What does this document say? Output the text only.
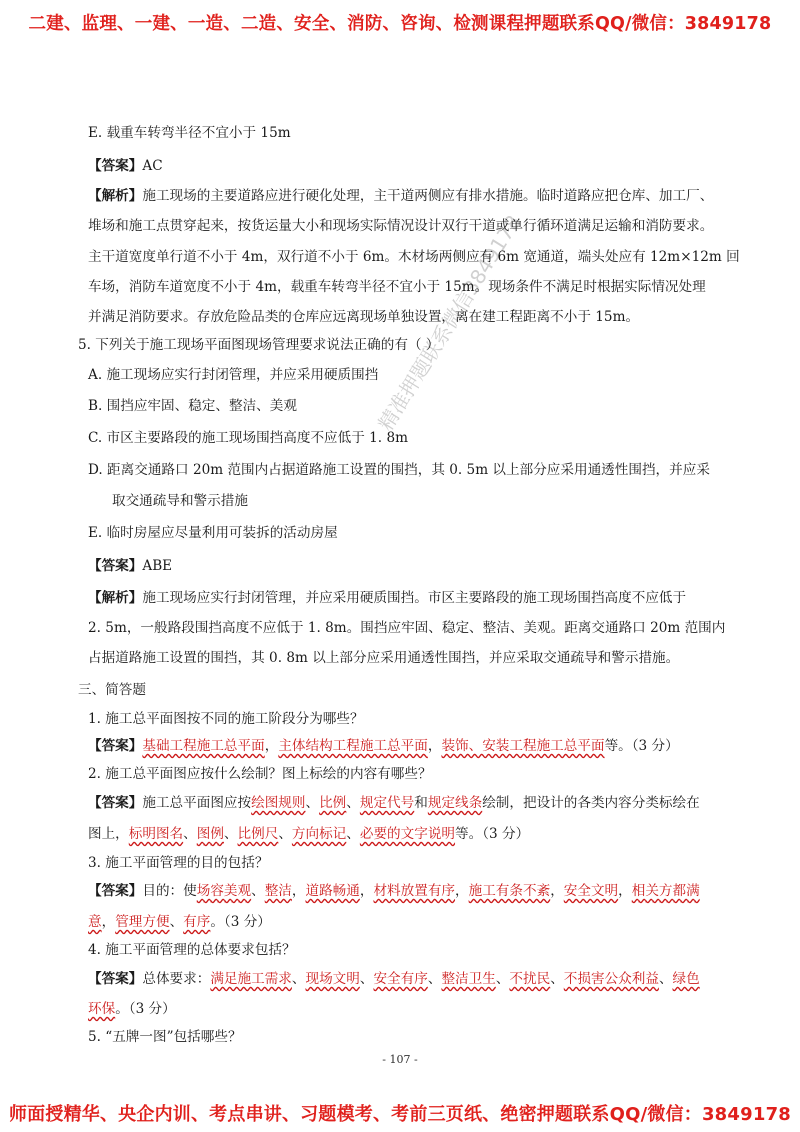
二建、监理、一建、一造、二造、安全、消防、咨询、检测课程押题联系QQ/微信：3849178
精准押题联系微信3849178
E. 载重车转弯半径不宜小于 15m
【答案】AC
【解析】施工现场的主要道路应进行硬化处理，主干道两侧应有排水措施。临时道路应把仓库、加工厂、
堆场和施工点贯穿起来，按货运量大小和现场实际情况设计双行干道或单行循环道满足运输和消防要求。
主干道宽度单行道不小于 4m，双行道不小于 6m。木材场两侧应有 6m 宽通道，端头处应有 12m×12m 回
车场，消防车道宽度不小于 4m，载重车转弯半径不宜小于 15m。现场条件不满足时根据实际情况处理
并满足消防要求。存放危险品类的仓库应远离现场单独设置，离在建工程距离不小于 15m。
5. 下列关于施工现场平面图现场管理要求说法正确的有（ ）
A. 施工现场应实行封闭管理，并应采用硬质围挡
B. 围挡应牢固、稳定、整洁、美观
C. 市区主要路段的施工现场围挡高度不应低于 1. 8m
D. 距离交通路口 20m 范围内占据道路施工设置的围挡，其 0. 5m 以上部分应采用通透性围挡，并应采
取交通疏导和警示措施
E. 临时房屋应尽量利用可装拆的活动房屋
【答案】ABE
【解析】施工现场应实行封闭管理，并应采用硬质围挡。市区主要路段的施工现场围挡高度不应低于
2. 5m，一般路段围挡高度不应低于 1. 8m。围挡应牢固、稳定、整洁、美观。距离交通路口 20m 范围内
占据道路施工设置的围挡，其 0. 8m 以上部分应采用通透性围挡，并应采取交通疏导和警示措施。
三、简答题
1. 施工总平面图按不同的施工阶段分为哪些？
【答案】基础工程施工总平面，主体结构工程施工总平面，装饰、安装工程施工总平面等。（3 分）
2. 施工总平面图应按什么绘制？图上标绘的内容有哪些？
【答案】施工总平面图应按绘图规则、比例、规定代号和规定线条绘制，把设计的各类内容分类标绘在
图上，标明图名、图例、比例尺、方向标记、必要的文字说明等。（3 分）
3. 施工平面管理的目的包括？
【答案】目的：使场容美观、整洁，道路畅通，材料放置有序，施工有条不紊，安全文明，相关方都满
意，管理方便、有序。（3 分）
4. 施工平面管理的总体要求包括？
【答案】总体要求：满足施工需求、现场文明、安全有序、整洁卫生、不扰民、不损害公众利益、绿色
环保。（3 分）
5. “五牌一图”包括哪些？
- 107 -
师面授精华、央企内训、考点串讲、习题模考、考前三页纸、绝密押题联系QQ/微信：3849178
